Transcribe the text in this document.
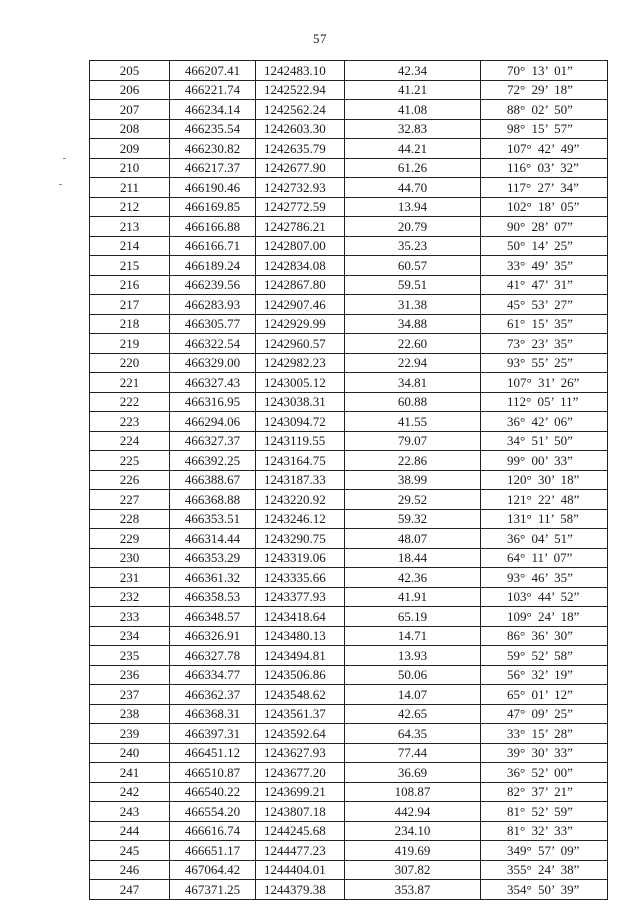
57
205	466207.41	1242483.10	42.34	70° 13’ 01”
206	466221.74	1242522.94	41.21	72° 29’ 18”
207	466234.14	1242562.24	41.08	88° 02’ 50”
208	466235.54	1242603.30	32.83	98° 15’ 57”
209	466230.82	1242635.79	44.21	107° 42’ 49”
210	466217.37	1242677.90	61.26	116° 03’ 32”
211	466190.46	1242732.93	44.70	117° 27’ 34”
212	466169.85	1242772.59	13.94	102° 18’ 05”
213	466166.88	1242786.21	20.79	90° 28’ 07”
214	466166.71	1242807.00	35.23	50° 14’ 25”
215	466189.24	1242834.08	60.57	33° 49’ 35”
216	466239.56	1242867.80	59.51	41° 47’ 31”
217	466283.93	1242907.46	31.38	45° 53’ 27”
218	466305.77	1242929.99	34.88	61° 15’ 35”
219	466322.54	1242960.57	22.60	73° 23’ 35”
220	466329.00	1242982.23	22.94	93° 55’ 25”
221	466327.43	1243005.12	34.81	107° 31’ 26”
222	466316.95	1243038.31	60.88	112° 05’ 11”
223	466294.06	1243094.72	41.55	36° 42’ 06”
224	466327.37	1243119.55	79.07	34° 51’ 50”
225	466392.25	1243164.75	22.86	99° 00’ 33”
226	466388.67	1243187.33	38.99	120° 30’ 18”
227	466368.88	1243220.92	29.52	121° 22’ 48”
228	466353.51	1243246.12	59.32	131° 11’ 58”
229	466314.44	1243290.75	48.07	36° 04’ 51”
230	466353.29	1243319.06	18.44	64° 11’ 07”
231	466361.32	1243335.66	42.36	93° 46’ 35”
232	466358.53	1243377.93	41.91	103° 44’ 52”
233	466348.57	1243418.64	65.19	109° 24’ 18”
234	466326.91	1243480.13	14.71	86° 36’ 30”
235	466327.78	1243494.81	13.93	59° 52’ 58”
236	466334.77	1243506.86	50.06	56° 32’ 19”
237	466362.37	1243548.62	14.07	65° 01’ 12”
238	466368.31	1243561.37	42.65	47° 09’ 25”
239	466397.31	1243592.64	64.35	33° 15’ 28”
240	466451.12	1243627.93	77.44	39° 30’ 33”
241	466510.87	1243677.20	36.69	36° 52’ 00”
242	466540.22	1243699.21	108.87	82° 37’ 21”
243	466554.20	1243807.18	442.94	81° 52’ 59”
244	466616.74	1244245.68	234.10	81° 32’ 33”
245	466651.17	1244477.23	419.69	349° 57’ 09”
246	467064.42	1244404.01	307.82	355° 24’ 38”
247	467371.25	1244379.38	353.87	354° 50’ 39”
